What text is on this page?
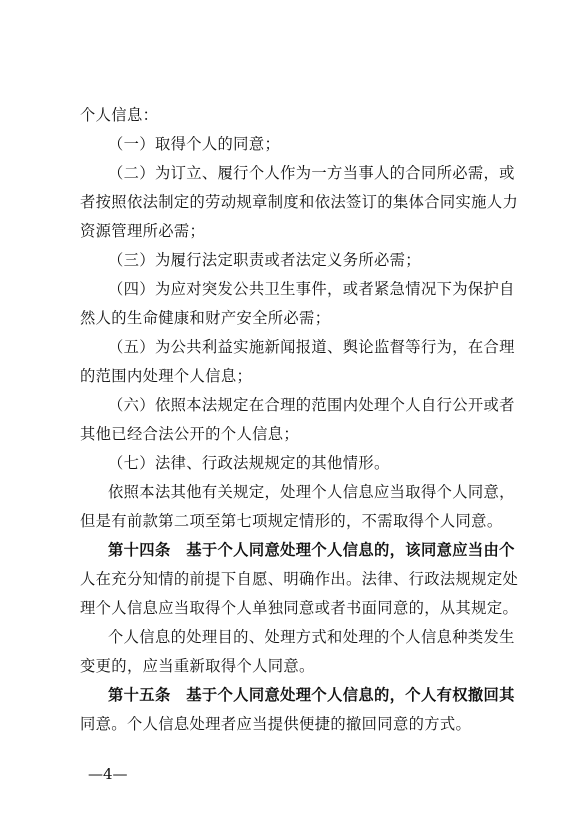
个人信息：
（一）取得个人的同意；
（二）为订立、履行个人作为一方当事人的合同所必需，或
者按照依法制定的劳动规章制度和依法签订的集体合同实施人力
资源管理所必需；
（三）为履行法定职责或者法定义务所必需；
（四）为应对突发公共卫生事件，或者紧急情况下为保护自
然人的生命健康和财产安全所必需；
（五）为公共利益实施新闻报道、舆论监督等行为，在合理
的范围内处理个人信息；
（六）依照本法规定在合理的范围内处理个人自行公开或者
其他已经合法公开的个人信息；
（七）法律、行政法规规定的其他情形。
依照本法其他有关规定，处理个人信息应当取得个人同意，
但是有前款第二项至第七项规定情形的，不需取得个人同意。
第十四条　基于个人同意处理个人信息的，该同意应当由个
人在充分知情的前提下自愿、明确作出。法律、行政法规规定处
理个人信息应当取得个人单独同意或者书面同意的，从其规定。
个人信息的处理目的、处理方式和处理的个人信息种类发生
变更的，应当重新取得个人同意。
第十五条　基于个人同意处理个人信息的，个人有权撤回其
同意。个人信息处理者应当提供便捷的撤回同意的方式。
—4—
